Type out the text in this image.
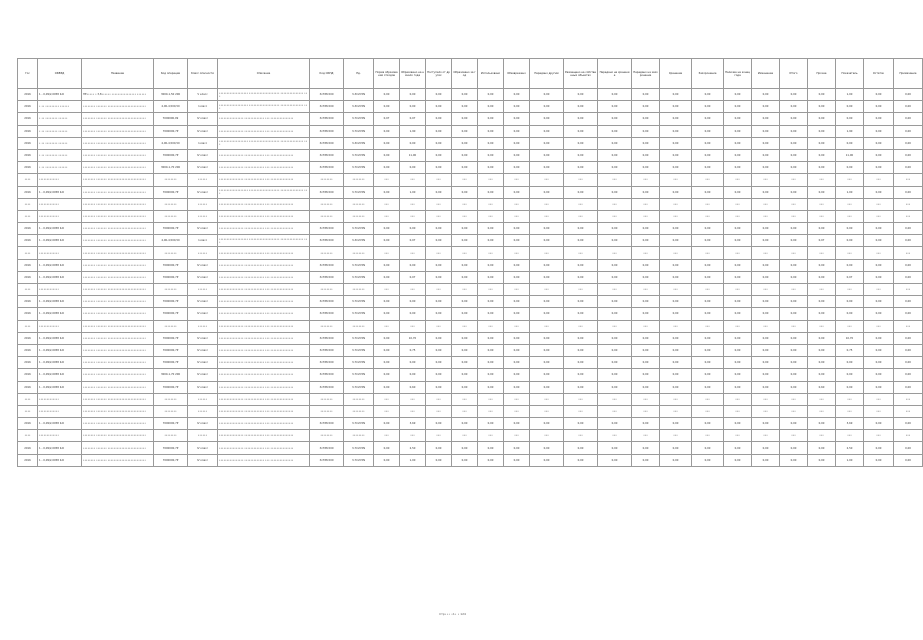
Гос	ОКВЭД	Название	Код операции	Класс опасности	Описание	Код ОКПД	Ед.	Норма образования отходов	Образовано на начало года	Поступило от других	Образовано за год	Использовано	Обезврежено	Передано другим	Размещено на собственных объектах	Передано на хранение	Передано на захоронение	Хранение	Захоронение	Наличие на конец года	Изменение	Итого	Прочее	Показатель	Остаток	Примечание
2016	1 - 0,09/2,0058 K-R	НЕ••••• • 3,8•••••• •••••••••••••••• ••••••	3000-1,50 206	V класс	••••••••••••••••••• •••••••••••••••••••• ••••••••••••••• •••	3x788-500	3-3C2C5N	0,00	0,00	0,00	0,00	0,00	0,00	0,00	0,00	0,00	0,00	0,00	0,00	0,00	0,00	0,00	0,00	1,00	0,00	0,00
2016	• •• ••••••••• ••••••	•••••••• ••••••• •••••••••••••••••••••••••	4,00-4,500,50	I класс	••••••••••••••••••• •••••••••••••••••••• ••••••••••••••• •••	3x788-500	3-3C2C5N	0,00	0,00	0,00	0,00	0,00	0,00	0,00	0,00	0,00	0,00	0,00	0,00	0,00	0,00	0,00	0,00	0,00	0,00	0,00
2016	• •• •••••••• ••••••	•••••••• ••••••• •••••••••••••••••••••••••	7000000,09	IV класс	•••••••••••••••• ••••••••••••• ••• •••••••••••••••	3x788-500	3-7C2C5N	0,07	0,07	0,00	0,00	0,00	0,00	0,00	0,00	0,00	0,00	0,00	0,00	0,00	0,00	0,00	0,00	0,00	0,00	0,00
2016	• •• •••••••• ••••••	•••••••• ••••••• •••••••••••••••••••••••••	7000000,7P	IV класс	•••••••••••••••• ••••••••••••• ••• •••••••••••••••	3x788-500	3-7C2C5N	0,00	1,90	0,00	0,00	0,00	0,00	0,00	0,00	0,00	0,00	0,00	0,00	0,00	0,00	0,00	0,00	1,90	0,00	0,00
2016	• •• •••••••• ••••••	•••••••• ••••••• •••••••••••••••••••••••••	4,00-4,500,50	I класс	••••••••••••••••••• •••••••••••••••••••• ••••••••••••••• •••	3x788-500	3-3C2C5N	0,00	0,00	0,00	0,00	0,00	0,00	0,00	0,00	0,00	0,00	0,00	0,00	0,00	0,00	0,00	0,00	0,00	0,00	0,00
2016	• •• •••••••• ••••••	•••••••• ••••••• •••••••••••••••••••••••••	7000000,7P	IV класс	•••••••••••••••• ••••••••••••• ••• •••••••••••••••	3x788-500	3-7C2C5N	0,00	11,00	0,00	0,00	0,00	0,00	0,00	0,00	0,00	0,00	0,00	0,00	0,00	0,00	0,00	0,00	11,00	0,00	0,00
2016	• •• •••••••• ••••••	•••••••• ••••••• •••••••••••••••••••••••••	3000-1,70 206	IV класс	•••••••••••••••• ••••••••••••• ••• •••••••••••••••	3x788-500	3-7C2C5N	0,00	0,00	0,00	0,00	0,00	0,00	0,00	0,00	0,00	0,00	0,00	0,00	0,00	0,00	0,00	0,00	0,00	0,00	0,00
••••	•••••••••••••	•••••••• ••••••• •••••••••••••••••••••••••	••••••••	••••••	•••••••••••••••• ••••••••••••• ••• •••••••••••••••	••••••••	••••••••	•••	•••	•••	•••	•••	•••	•••	•••	•••	•••	•••	•••	•••	•••	•••	•••	•••	•••	•••
2016	1 - 0,09/2,0058 K-R	•••••••• ••••••• •••••••••••••••••••••••••	7000000,7P	IV класс	••••••••••••••••••• •••••••••••••••••••• ••••••••••••••• •••	3x788-500	3-7C2C5N	0,00	1,00	0,00	0,00	0,00	0,00	0,00	0,00	0,00	0,00	0,00	0,00	0,00	0,00	0,00	0,00	1,00	0,00	0,00
••••	•••••••••••••	•••••••• ••••••• •••••••••••••••••••••••••	••••••••	••••••	•••••••••••••••• ••••••••••••• ••• •••••••••••••••	••••••••	••••••••	•••	•••	•••	•••	•••	•••	•••	•••	•••	•••	•••	•••	•••	•••	•••	•••	•••	•••	•••
••••	•••••••••••••	•••••••• ••••••• •••••••••••••••••••••••••	••••••••	••••••	•••••••••••••••• ••••••••••••• ••• •••••••••••••••	••••••••	••••••••	•••	•••	•••	•••	•••	•••	•••	•••	•••	•••	•••	•••	•••	•••	•••	•••	•••	•••	•••
2016	1 - 0,09/2,0058 K-R	•••••••• ••••••• •••••••••••••••••••••••••	7000000,7P	IV класс	•••••••••••••••• ••••••••••••• ••• •••••••••••••••	3x788-500	3-7C2C5N	0,00	0,00	0,00	0,00	0,00	0,00	0,00	0,00	0,00	0,00	0,00	0,00	0,00	0,00	0,00	0,00	0,00	0,00	0,00
2016	1 - 0,09/2,0058 K-R	•••••••• ••••••• •••••••••••••••••••••••••	4,00-4,500,50	I класс	••••••••••••••••••• •••••••••••••••••••• ••••••••••••••• •••	3x788-500	3-3C2C5N	0,00	0,07	0,00	0,00	0,00	0,00	0,00	0,00	0,00	0,00	0,00	0,00	0,00	0,00	0,00	0,07	0,00	0,00	0,00
••••	•••••••••••••	•••••••• ••••••• •••••••••••••••••••••••••	••••••••	••••••	•••••••••••••••• ••••••••••••• ••• •••••••••••••••	••••••••	••••••••	•••	•••	•••	•••	•••	•••	•••	•••	•••	•••	•••	•••	•••	•••	•••	•••	•••	•••	•••
2016	1 - 0,09/2,0058 K-R	•••••••• ••••••• •••••••••••••••••••••••••	7000000,7P	IV класс	•••••••••••••••• ••••••••••••• ••• •••••••••••••••	3x788-500	3-7C2C5N	0,00	0,00	0,00	0,00	0,00	0,00	0,00	0,00	0,00	0,00	0,00	0,00	0,00	0,00	0,00	0,00	0,00	0,00	0,00
2016	1 - 0,09/2,0058 K-R	•••••••• ••••••• •••••••••••••••••••••••••	7000000,7P	IV класс	•••••••••••••••• ••••••••••••• ••• •••••••••••••••	3x788-500	3-7C2C5N	0,00	0,07	0,00	0,00	0,00	0,00	0,00	0,00	0,00	0,00	0,00	0,00	0,00	0,00	0,00	0,00	0,07	0,00	0,00
••••	•••••••••••••	•••••••• ••••••• •••••••••••••••••••••••••	••••••••	••••••	•••••••••••••••• ••••••••••••• ••• •••••••••••••••	••••••••	••••••••	•••	•••	•••	•••	•••	•••	•••	•••	•••	•••	•••	•••	•••	•••	•••	•••	•••	•••	•••
2016	1 - 0,09/2,0058 K-R	•••••••• ••••••• •••••••••••••••••••••••••	7000000,7P	IV класс	•••••••••••••••• ••••••••••••• ••• •••••••••••••••	3x788-500	3-7C2C5N	0,00	0,00	0,00	0,00	0,00	0,00	0,00	0,00	0,00	0,00	0,00	0,00	0,00	0,00	0,00	0,00	0,00	0,00	0,00
2016	1 - 0,09/2,0058 K-R	•••••••• ••••••• •••••••••••••••••••••••••	7000000,7P	IV класс	•••••••••••••••• ••••••••••••• ••• •••••••••••••••	3x788-500	3-7C2C5N	0,00	0,00	0,00	0,00	0,00	0,00	0,00	0,00	0,00	0,00	0,00	0,00	0,00	0,00	0,00	0,00	0,00	0,00	0,00
••••	•••••••••••••	•••••••• ••••••• •••••••••••••••••••••••••	••••••••	••••••	•••••••••••••••• ••••••••••••• ••• •••••••••••••••	••••••••	••••••••	•••	•••	•••	•••	•••	•••	•••	•••	•••	•••	•••	•••	•••	•••	•••	•••	•••	•••	•••
2016	1 - 0,09/2,0058 K-R	•••••••• ••••••• •••••••••••••••••••••••••	7000000,7P	IV класс	•••••••••••••••• ••••••••••••• ••• •••••••••••••••	3x788-500	3-7C2C5N	0,00	10,70	0,00	0,00	0,00	0,00	0,00	0,00	0,00	0,00	0,00	0,00	0,00	0,00	0,00	0,00	10,70	0,00	0,00
2016	1 - 0,09/2,0058 K-R	•••••••• ••••••• •••••••••••••••••••••••••	7000000,7P	IV класс	•••••••••••••••• ••••••••••••• ••• •••••••••••••••	3x788-500	3-7C2C5N	0,00	0,75	0,00	0,00	0,00	0,00	0,00	0,00	0,00	0,00	0,00	0,00	0,00	0,00	0,00	0,00	0,75	0,00	0,00
2016	1 - 0,09/2,0058 K-R	•••••••• ••••••• •••••••••••••••••••••••••	7000000,7P	IV класс	•••••••••••••••• ••••••••••••• ••• •••••••••••••••	3x788-500	3-7C2C5N	0,00	0,00	0,00	0,00	0,00	0,00	0,00	0,00	0,00	0,00	0,00	0,00	0,00	0,00	0,00	0,00	0,00	0,00	0,00
2016	1 - 0,09/2,0058 K-R	•••••••• ••••••• •••••••••••••••••••••••••	3000-1,70 206	IV класс	•••••••••••••••• ••••••••••••• ••• •••••••••••••••	3x788-500	3-7C2C5N	0,00	0,00	0,00	0,00	0,00	0,00	0,00	0,00	0,00	0,00	0,00	0,00	0,00	0,00	0,00	0,00	0,00	0,00	0,00
2016	1 - 0,09/2,0058 K-R	•••••••• ••••••• •••••••••••••••••••••••••	7000000,7P	IV класс	•••••••••••••••• ••••••••••••• ••• •••••••••••••••	3x788-500	3-7C2C5N	0,00	0,60	0,00	0,00	0,00	0,00	0,00	0,00	0,00	0,00	0,00	0,00	0,00	0,00	0,00	0,60	0,00	0,00	0,00
••••	•••••••••••••	•••••••• ••••••• •••••••••••••••••••••••••	••••••••	••••••	•••••••••••••••• ••••••••••••• ••• •••••••••••••••	••••••••	••••••••	•••	•••	•••	•••	•••	•••	•••	•••	•••	•••	•••	•••	•••	•••	•••	•••	•••	•••	•••
••••	•••••••••••••	•••••••• ••••••• •••••••••••••••••••••••••	••••••••	••••••	•••••••••••••••• ••••••••••••• ••• •••••••••••••••	••••••••	••••••••	•••	•••	•••	•••	•••	•••	•••	•••	•••	•••	•••	•••	•••	•••	•••	•••	•••	•••	•••
2016	1 - 0,09/2,0058 K-R	•••••••• ••••••• •••••••••••••••••••••••••	7000000,7P	IV класс	•••••••••••••••• ••••••••••••• ••• •••••••••••••••	3x788-500	3-7C2C5N	0,00	3,69	0,00	0,00	0,00	0,00	0,00	0,00	0,00	0,00	0,00	0,00	0,00	0,00	0,00	0,00	3,69	0,00	0,00
••••	•••••••••••••	•••••••• ••••••• •••••••••••••••••••••••••	••••••••	••••••	•••••••••••••••• ••••••••••••• ••• •••••••••••••••	••••••••	••••••••	•••	•••	•••	•••	•••	•••	•••	•••	•••	•••	•••	•••	•••	•••	•••	•••	•••	•••	•••
2016	1 - 0,09/2,0058 K-R	•••••••• ••••••• •••••••••••••••••••••••••	7000000,7P	IV класс	•••••••••••••••• ••••••••••••• ••• •••••••••••••••	3x788-500	3-7C2C5N	0,00	2,50	0,00	0,00	0,00	0,00	0,00	0,00	0,00	0,00	0,00	0,00	0,00	0,00	0,00	0,00	2,50	0,00	0,00
2016	1 - 0,09/2,0058 K-R	•••••••• ••••••• •••••••••••••••••••••••••	7000000,7P	IV класс	•••••••••••••••• ••••••••••••• ••• •••••••••••••••	3x788-500	3-7C2C5N	0,00	1,00	0,00	0,00	0,00	0,00	0,00	0,00	0,00	0,00	0,00	0,00	0,00	0,00	0,00	0,00	1,00	0,00	0,00
Стр••• •1• • 124
